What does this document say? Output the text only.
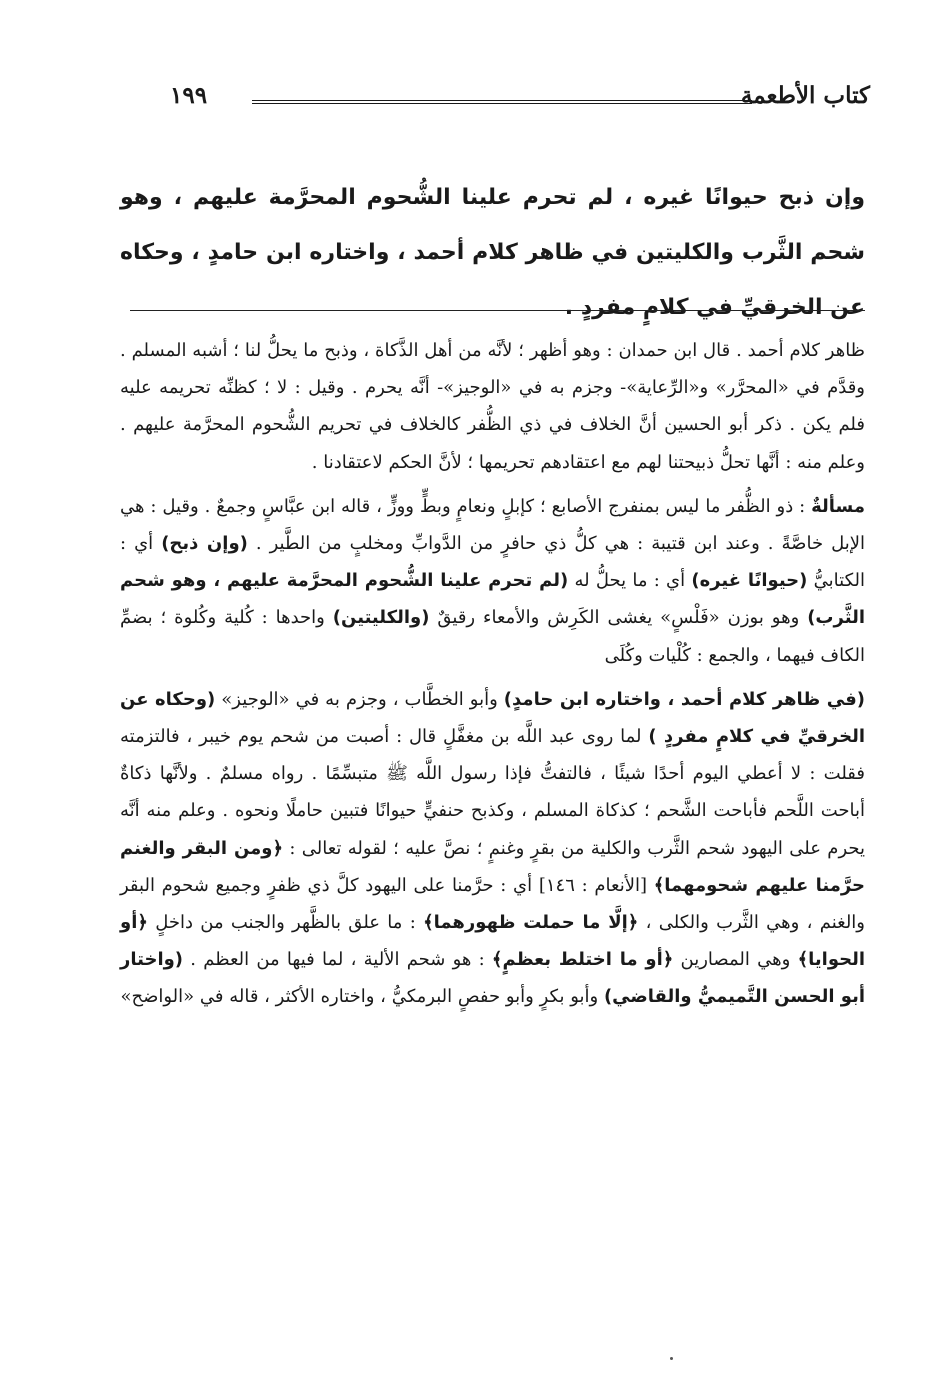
كتاب الأطعمة
١٩٩
وإن ذبح حيوانًا غيره ، لم تحرم علينا الشُّحوم المحرَّمة عليهم ، وهو شحم الثَّرب والكليتين في ظاهر كلام أحمد ، واختاره ابن حامدٍ ، وحكاه عن الخرقيِّ في كلامٍ مفردٍ .

ظاهر كلام أحمد . قال ابن حمدان : وهو أظهر ؛ لأنَّه من أهل الذَّكاة ، وذبح ما يحلُّ لنا ؛ أشبه المسلم . وقدَّم في «المحرَّر» و«الرِّعاية»- وجزم به في «الوجيز»- أنَّه يحرم . وقيل : لا ؛ كظنِّه تحريمه عليه فلم يكن . ذكر أبو الحسين أنَّ الخلاف في ذي الظُّفر كالخلاف في تحريم الشُّحوم المحرَّمة عليهم . وعلم منه : أنَّها تحلُّ ذبيحتنا لهم مع اعتقادهم تحريمها ؛ لأنَّ الحكم لاعتقادنا .

مسألةٌ : ذو الظُّفر ما ليس بمنفرج الأصابع ؛ كإبلٍ ونعامٍ وبطٍّ ووزٍّ ، قاله ابن عبَّاسٍ وجمعٌ . وقيل : هي الإبل خاصَّةً . وعند ابن قتيبة : هي كلُّ ذي حافرٍ من الدَّوابِّ ومخلبٍ من الطَّير . (وإن ذبح) أي : الكتابيُّ (حيوانًا غيره) أي : ما يحلُّ له (لم تحرم علينا الشُّحوم المحرَّمة عليهم ، وهو شحم الثَّرب) وهو بوزن «فَلْسٍ» يغشى الكَرِش والأمعاء رقيقٌ (والكليتين) واحدها : كُلية وكُلوة ؛ بضمِّ الكاف فيهما ، والجمع : كُلْيات وكُلَى

(في ظاهر كلام أحمد ، واختاره ابن حامدٍ) وأبو الخطَّاب ، وجزم به في «الوجيز» (وحكاه عن الخرقيِّ في كلامٍ مفردٍ ) لما روى عبد اللَّه بن مغفَّلٍ قال : أصبت من شحم يوم خيبر ، فالتزمته فقلت : لا أعطي اليوم أحدًا شيئًا ، فالتفتُّ فإذا رسول اللَّه ﷺ متبسِّمًا . رواه مسلمٌ . ولأنَّها ذكاةٌ أباحت اللَّحم فأباحت الشَّحم ؛ كذكاة المسلم ، وكذبح حنفيٍّ حيوانًا فتبين حاملًا ونحوه . وعلم منه أنَّه يحرم على اليهود شحم الثَّرب والكلية من بقرٍ وغنمٍ ؛ نصَّ عليه ؛ لقوله تعالى : ﴿ومن البقر والغنم حرَّمنا عليهم شحومهما﴾ [الأنعام : ١٤٦] أي : حرَّمنا على اليهود كلَّ ذي ظفرٍ وجميع شحوم البقر والغنم ، وهي الثَّرب والكلى ، ﴿إلَّا ما حملت ظهورهما﴾ : ما علق بالظَّهر والجنب من داخلٍ ﴿أو الحوايا﴾ وهي المصارين ﴿أو ما اختلط بعظمٍ﴾ : هو شحم الألية ، لما فيها من العظم . (واختار أبو الحسن التَّميميُّ والقاضي) وأبو بكرٍ وأبو حفصٍ البرمكيُّ ، واختاره الأكثر ، قاله في «الواضح»
